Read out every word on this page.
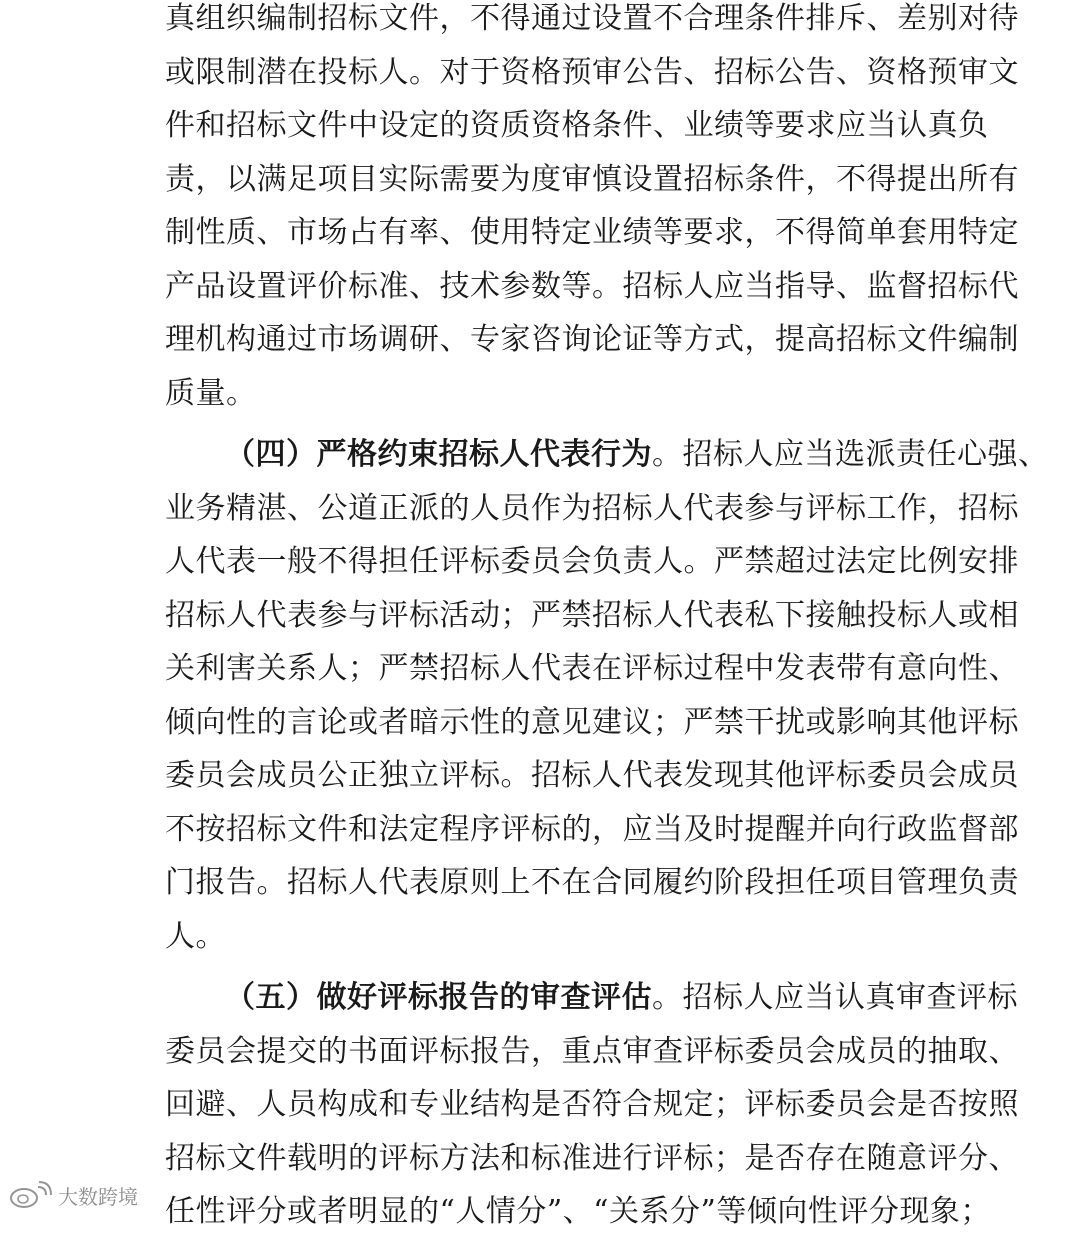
真组织编制招标文件，不得通过设置不合理条件排斥、差别对待
或限制潜在投标人。对于资格预审公告、招标公告、资格预审文
件和招标文件中设定的资质资格条件、业绩等要求应当认真负
责，以满足项目实际需要为度审慎设置招标条件，不得提出所有
制性质、市场占有率、使用特定业绩等要求，不得简单套用特定
产品设置评价标准、技术参数等。招标人应当指导、监督招标代
理机构通过市场调研、专家咨询论证等方式，提高招标文件编制
质量。
（四）严格约束招标人代表行为。招标人应当选派责任心强、
业务精湛、公道正派的人员作为招标人代表参与评标工作，招标
人代表一般不得担任评标委员会负责人。严禁超过法定比例安排
招标人代表参与评标活动；严禁招标人代表私下接触投标人或相
关利害关系人；严禁招标人代表在评标过程中发表带有意向性、
倾向性的言论或者暗示性的意见建议；严禁干扰或影响其他评标
委员会成员公正独立评标。招标人代表发现其他评标委员会成员
不按招标文件和法定程序评标的，应当及时提醒并向行政监督部
门报告。招标人代表原则上不在合同履约阶段担任项目管理负责
人。
（五）做好评标报告的审查评估。招标人应当认真审查评标
委员会提交的书面评标报告，重点审查评标委员会成员的抽取、
回避、人员构成和专业结构是否符合规定；评标委员会是否按照
招标文件载明的评标方法和标准进行评标；是否存在随意评分、
任性评分或者明显的“人情分”、“关系分”等倾向性评分现象；
大数跨境
